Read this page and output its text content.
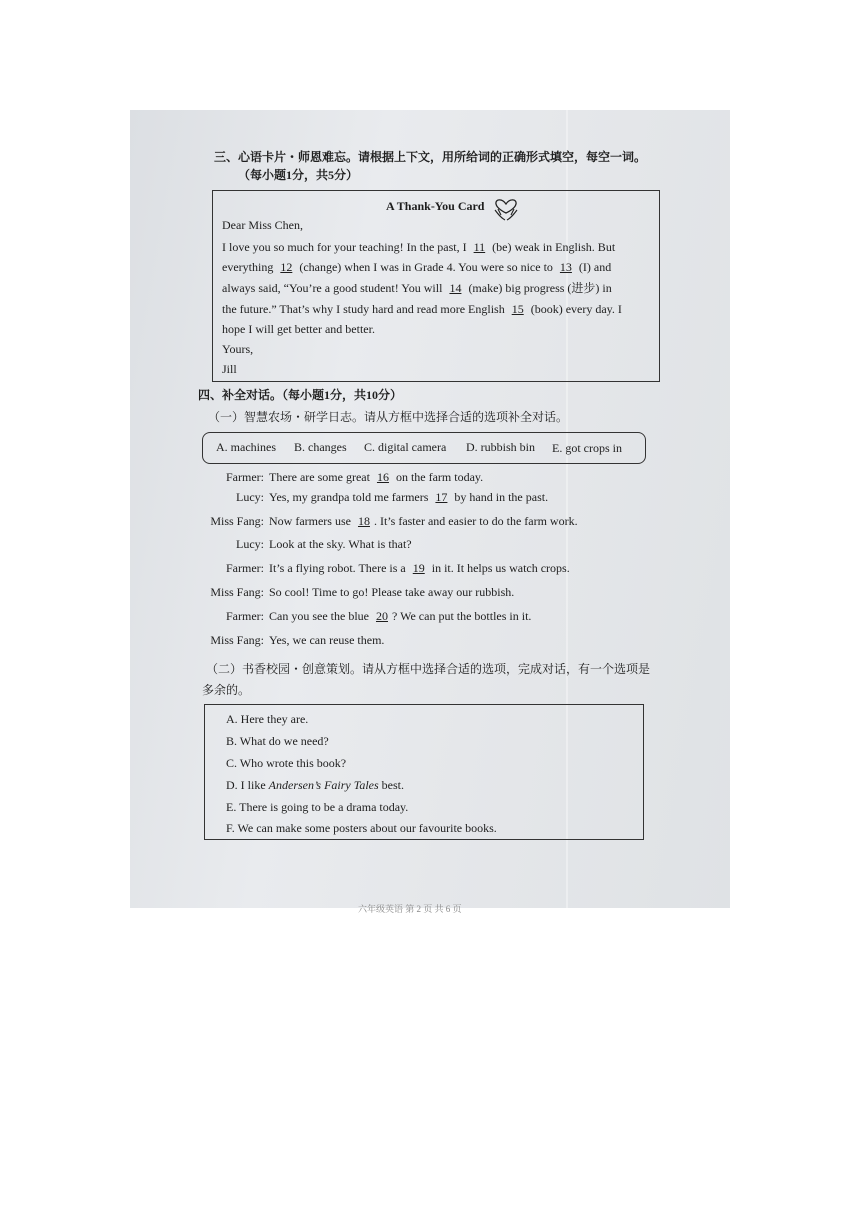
三、心语卡片・师恩难忘。请根据上下文，用所给词的正确形式填空，每空一词。
（每小题1分，共5分）
A Thank-You Card
Dear Miss Chen,
I love you so much for your teaching! In the past, I 11 (be) weak in English. But
everything 12 (change) when I was in Grade 4. You were so nice to 13 (I) and
always said, “You’re a good student! You will 14 (make) big progress (进步) in
the future.” That’s why I study hard and read more English 15 (book) every day. I
hope I will get better and better.
Yours,
Jill
四、补全对话。（每小题1分，共10分）
（一）智慧农场・研学日志。请从方框中选择合适的选项补全对话。
A. machines B. changes C. digital camera D. rubbish bin E. got crops in
Farmer: There are some great 16 on the farm today.
Lucy: Yes, my grandpa told me farmers 17 by hand in the past.
Miss Fang: Now farmers use 18 . It’s faster and easier to do the farm work.
Lucy: Look at the sky. What is that?
Farmer: It’s a flying robot. There is a 19 in it. It helps us watch crops.
Miss Fang: So cool! Time to go! Please take away our rubbish.
Farmer: Can you see the blue 20 ? We can put the bottles in it.
Miss Fang: Yes, we can reuse them.
（二）书香校园・创意策划。请从方框中选择合适的选项，完成对话，有一个选项是
多余的。
A. Here they are.
B. What do we need?
C. Who wrote this book?
D. I like Andersen’s Fairy Tales best.
E. There is going to be a drama today.
F. We can make some posters about our favourite books.
六年级英语 第 2 页 共 6 页
